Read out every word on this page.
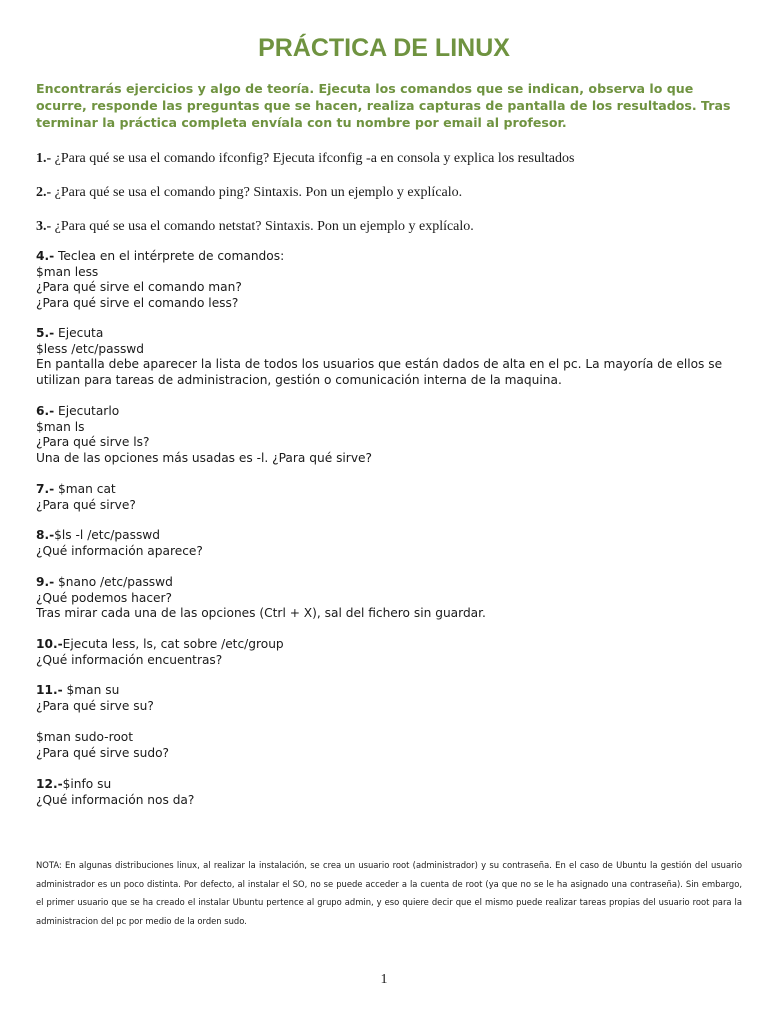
PRÁCTICA DE LINUX

Encontrarás ejercicios y algo de teoría. Ejecuta los comandos que se indican, observa lo que ocurre, responde las preguntas que se hacen, realiza capturas de pantalla de los resultados. Tras terminar la práctica completa envíala con tu nombre por email al profesor.

1.- ¿Para qué se usa el comando ifconfig? Ejecuta ifconfig -a en consola y explica los resultados

2.- ¿Para qué se usa el comando ping? Sintaxis. Pon un ejemplo y explícalo.

3.- ¿Para qué se usa el comando netstat? Sintaxis. Pon un ejemplo y explícalo.

4.- Teclea en el intérprete de comandos:
$man less
¿Para qué sirve el comando man?
¿Para qué sirve el comando less?

5.- Ejecuta
$less /etc/passwd
En pantalla debe aparecer la lista de todos los usuarios que están dados de alta en el pc. La mayoría de ellos se utilizan para tareas de administracion, gestión o comunicación interna de la maquina.

6.- Ejecutarlo
$man ls
¿Para qué sirve ls?
Una de las opciones más usadas es -l. ¿Para qué sirve?

7.- $man cat
¿Para qué sirve?

8.-$ls -l /etc/passwd
¿Qué información aparece?

9.- $nano /etc/passwd
¿Qué podemos hacer?
Tras mirar cada una de las opciones (Ctrl + X), sal del fichero sin guardar.

10.-Ejecuta less, ls, cat sobre /etc/group
¿Qué información encuentras?

11.- $man su
¿Para qué sirve su?

$man sudo-root
¿Para qué sirve sudo?

12.-$info su
¿Qué información nos da?

NOTA: En algunas distribuciones linux, al realizar la instalación, se crea un usuario root (administrador) y su contraseña. En el caso de Ubuntu la gestión del usuario administrador es un poco distinta. Por defecto, al instalar el SO, no se puede acceder a la cuenta de root (ya que no se le ha asignado una contraseña). Sin embargo, el primer usuario que se ha creado el instalar Ubuntu pertence al grupo admin, y eso quiere decir que el mismo puede realizar tareas propias del usuario root para la administracion del pc por medio de la orden sudo.

1
